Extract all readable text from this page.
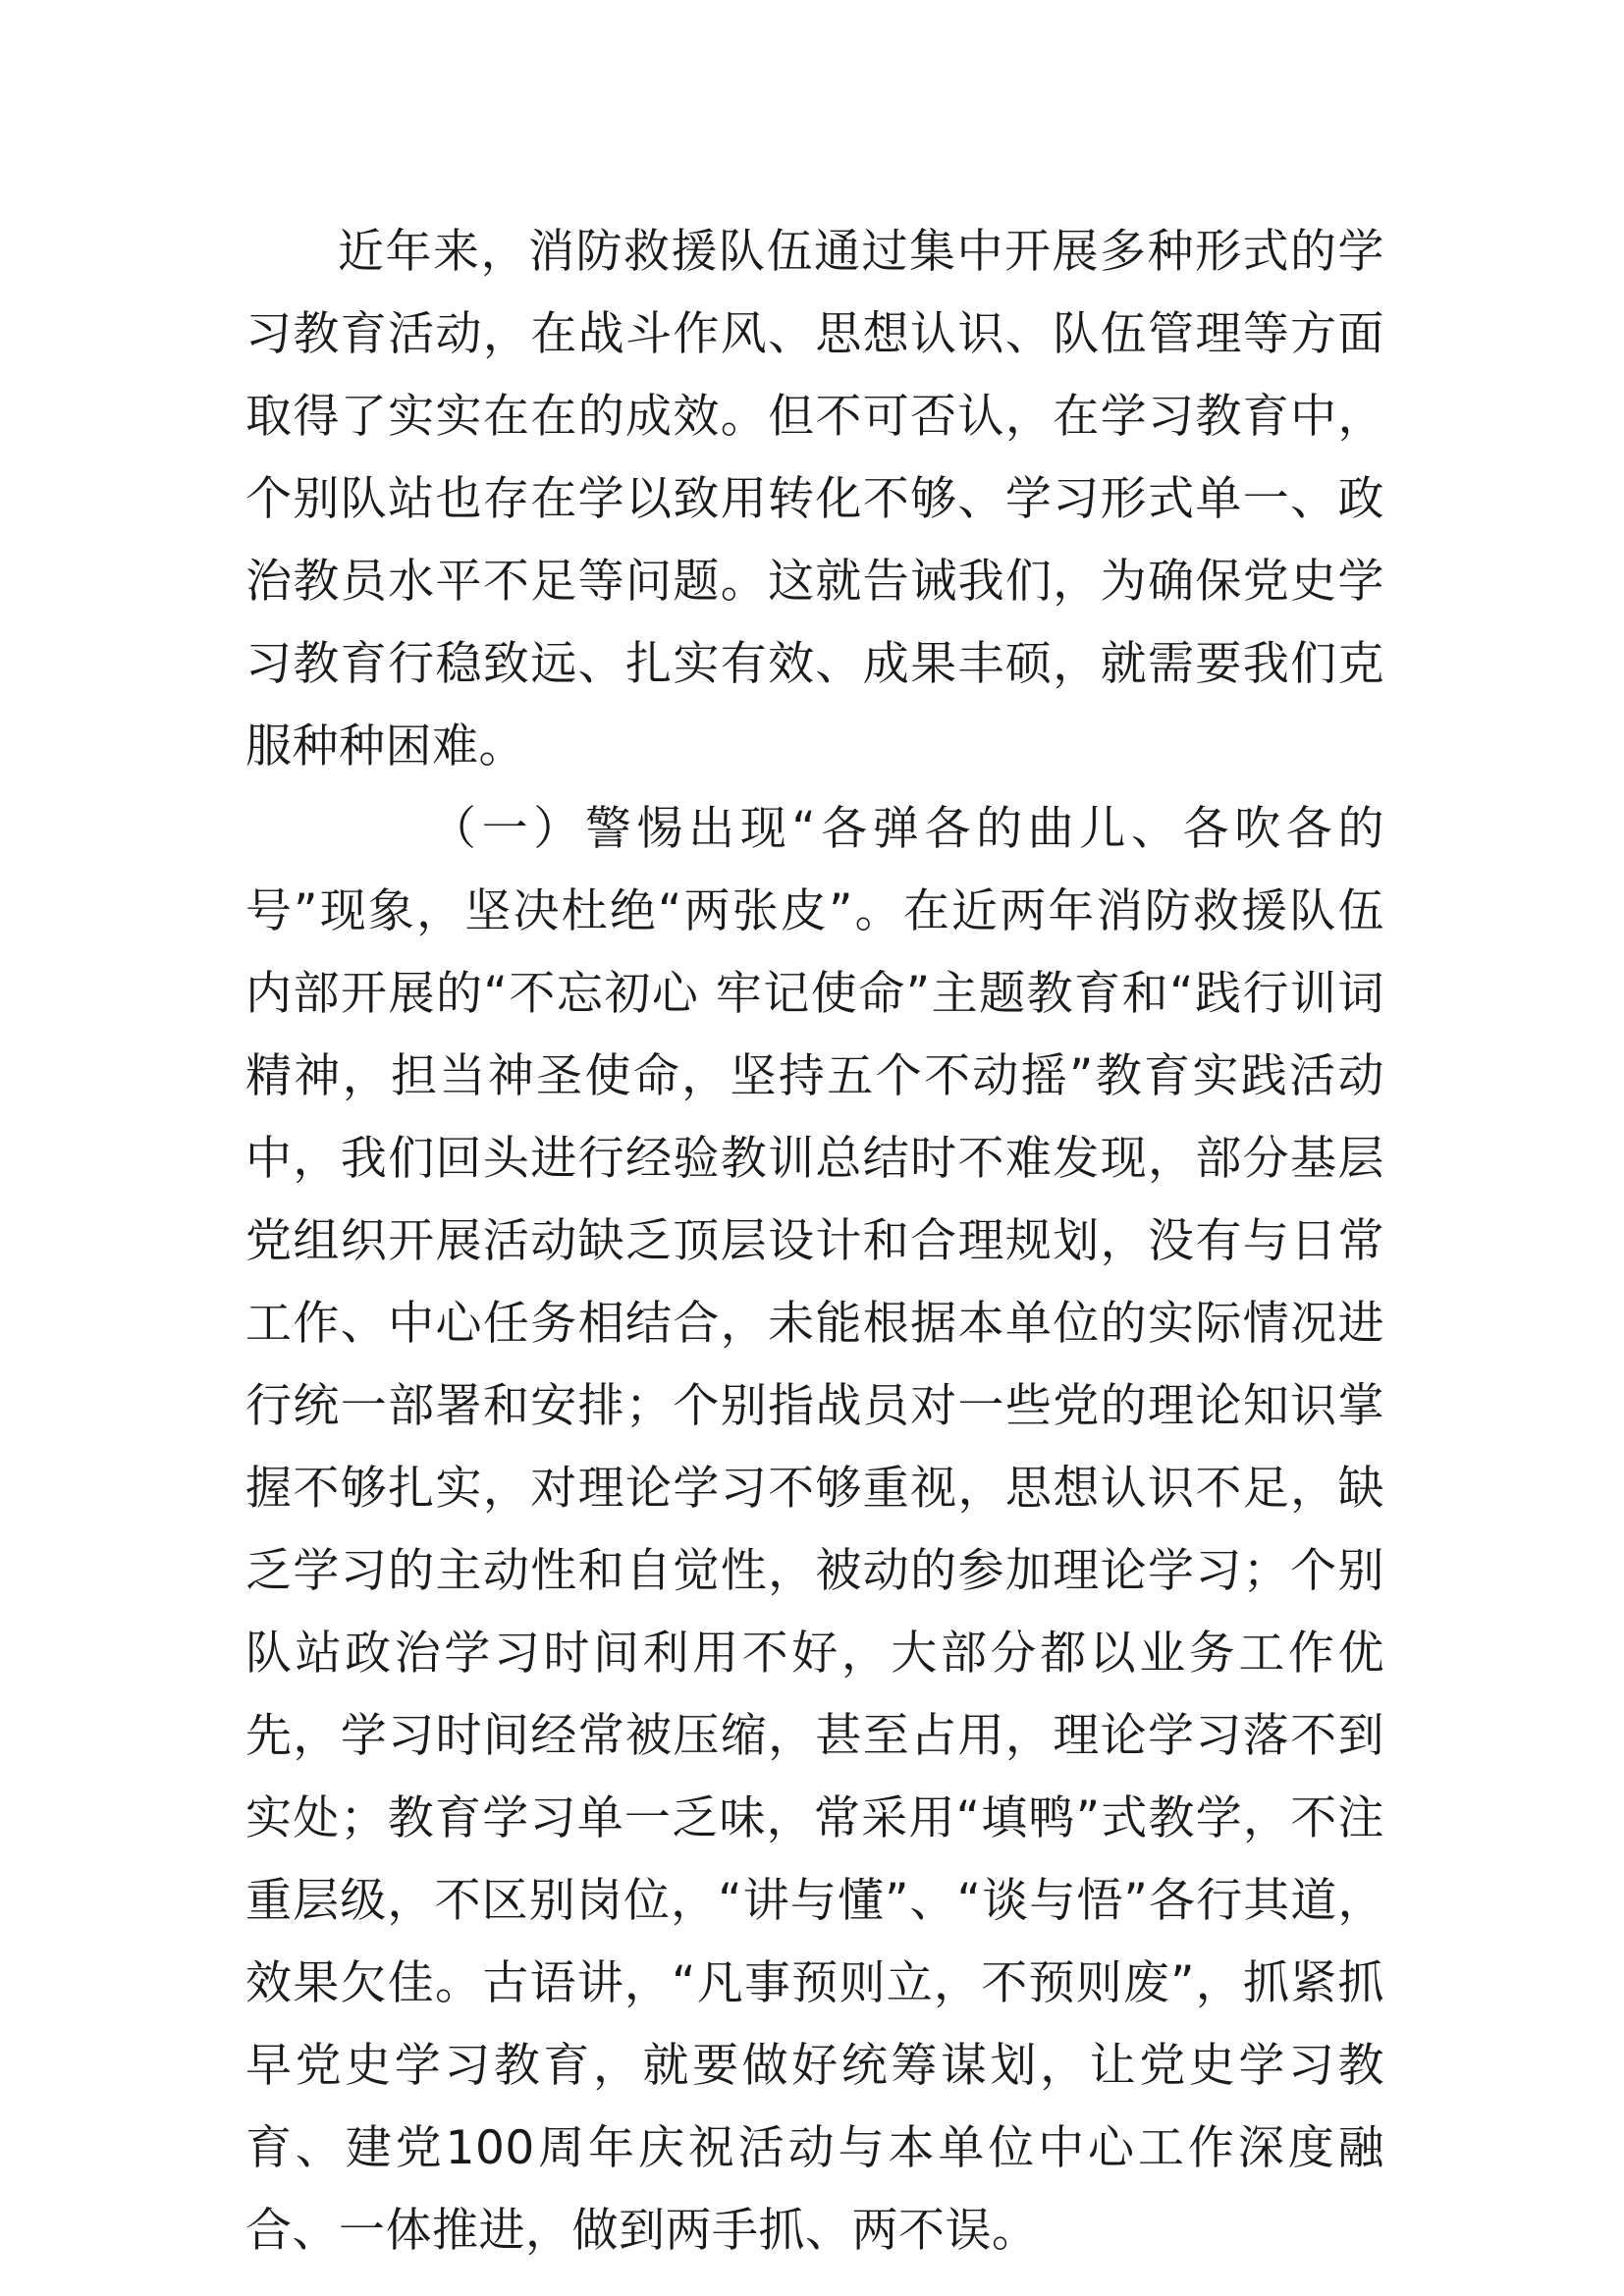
近年来，消防救援队伍通过集中开展多种形式的学习教育活动，在战斗作风、思想认识、队伍管理等方面取得了实实在在的成效。但不可否认，在学习教育中，个别队站也存在学以致用转化不够、学习形式单一、政治教员水平不足等问题。这就告诫我们，为确保党史学习教育行稳致远、扎实有效、成果丰硕，就需要我们克服种种困难。

（一）警惕出现“各弹各的曲儿、各吹各的号”现象，坚决杜绝“两张皮”。在近两年消防救援队伍内部开展的“不忘初心 牢记使命”主题教育和“践行训词精神，担当神圣使命，坚持五个不动摇”教育实践活动中，我们回头进行经验教训总结时不难发现，部分基层党组织开展活动缺乏顶层设计和合理规划，没有与日常工作、中心任务相结合，未能根据本单位的实际情况进行统一部署和安排；个别指战员对一些党的理论知识掌握不够扎实，对理论学习不够重视，思想认识不足，缺乏学习的主动性和自觉性，被动的参加理论学习；个别队站政治学习时间利用不好，大部分都以业务工作优先，学习时间经常被压缩，甚至占用，理论学习落不到实处；教育学习单一乏味，常采用“填鸭”式教学，不注重层级，不区别岗位，“讲与懂”、“谈与悟”各行其道，效果欠佳。古语讲，“凡事预则立，不预则废”，抓紧抓早党史学习教育，就要做好统筹谋划，让党史学习教育、建党100周年庆祝活动与本单位中心工作深度融合、一体推进，做到两手抓、两不误。
